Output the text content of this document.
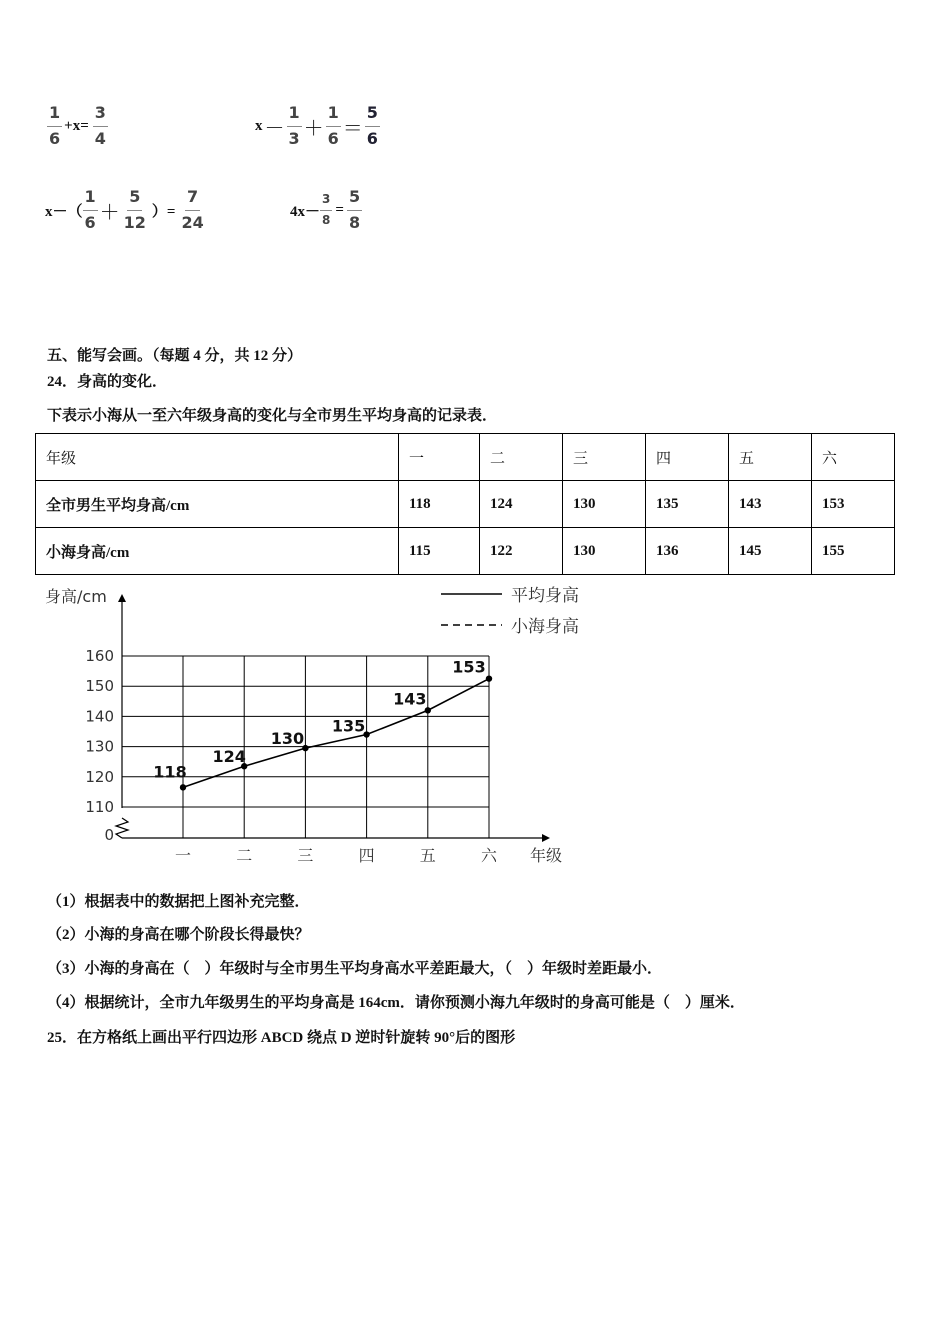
$\frac{1}{6} +x= \frac{3}{4}$	$x - \frac{1}{3} + \frac{1}{6} = \frac{5}{6}$
$x-( \frac{1}{6} + \frac{5}{12}$ ）= $\frac{7}{24}$	$4x- \frac{3}{8} = \frac{5}{8}$
五、能写会画。（每题 4 分，共 12 分）
24．身高的变化．
下表示小海从一至六年级身高的变化与全市男生平均身高的记录表．
年级	一	二	三	四	五	六
全市男生平均身高/cm	118	124	130	135	143	153
小海身高/cm	115	122	130	136	145	155
0
110
120
130
140
150
160
一	二	三	四	五	六 年级
身高/cm
118
124
130
135
143
153
平均身高
小海身高
（1）根据表中的数据把上图补充完整．
（2）小海的身高在哪个阶段长得最快？
（3）小海的身高在（　）年级时与全市男生平均身高水平差距最大，（　）年级时差距最小．
（4）根据统计，全市九年级男生的平均身高是 164cm．请你预测小海九年级时的身高可能是（　）厘米．
25．在方格纸上画出平行四边形 ABCD 绕点 D 逆时针旋转 90°后的图形
